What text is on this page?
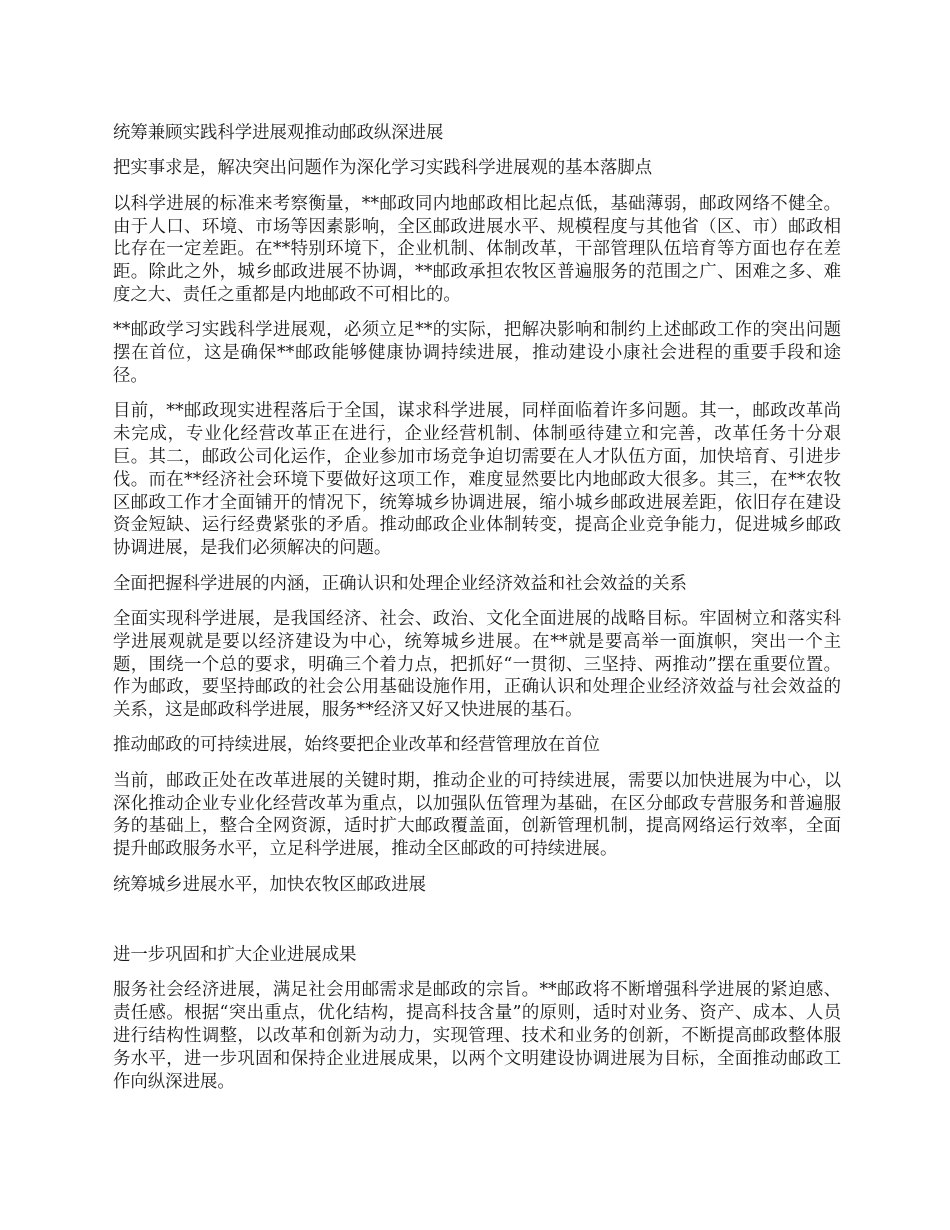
统筹兼顾实践科学进展观推动邮政纵深进展

把实事求是，解决突出问题作为深化学习实践科学进展观的基本落脚点

以科学进展的标准来考察衡量，**邮政同内地邮政相比起点低，基础薄弱，邮政网络不健全。由于人口、环境、市场等因素影响，全区邮政进展水平、规模程度与其他省（区、市）邮政相比存在一定差距。在**特别环境下，企业机制、体制改革，干部管理队伍培育等方面也存在差距。除此之外，城乡邮政进展不协调，**邮政承担农牧区普遍服务的范围之广、困难之多、难度之大、责任之重都是内地邮政不可相比的。

**邮政学习实践科学进展观，必须立足**的实际，把解决影响和制约上述邮政工作的突出问题摆在首位，这是确保**邮政能够健康协调持续进展，推动建设小康社会进程的重要手段和途径。

目前，**邮政现实进程落后于全国，谋求科学进展，同样面临着许多问题。其一，邮政改革尚未完成，专业化经营改革正在进行，企业经营机制、体制亟待建立和完善，改革任务十分艰巨。其二，邮政公司化运作，企业参加市场竞争迫切需要在人才队伍方面，加快培育、引进步伐。而在**经济社会环境下要做好这项工作，难度显然要比内地邮政大很多。其三，在**农牧区邮政工作才全面铺开的情况下，统筹城乡协调进展，缩小城乡邮政进展差距，依旧存在建设资金短缺、运行经费紧张的矛盾。推动邮政企业体制转变，提高企业竞争能力，促进城乡邮政协调进展，是我们必须解决的问题。

全面把握科学进展的内涵，正确认识和处理企业经济效益和社会效益的关系

全面实现科学进展，是我国经济、社会、政治、文化全面进展的战略目标。牢固树立和落实科学进展观就是要以经济建设为中心，统筹城乡进展。在**就是要高举一面旗帜，突出一个主题，围绕一个总的要求，明确三个着力点，把抓好“一贯彻、三坚持、两推动”摆在重要位置。作为邮政，要坚持邮政的社会公用基础设施作用，正确认识和处理企业经济效益与社会效益的关系，这是邮政科学进展，服务**经济又好又快进展的基石。

推动邮政的可持续进展，始终要把企业改革和经营管理放在首位

当前，邮政正处在改革进展的关键时期，推动企业的可持续进展，需要以加快进展为中心，以深化推动企业专业化经营改革为重点，以加强队伍管理为基础，在区分邮政专营服务和普遍服务的基础上，整合全网资源，适时扩大邮政覆盖面，创新管理机制，提高网络运行效率，全面提升邮政服务水平，立足科学进展，推动全区邮政的可持续进展。

统筹城乡进展水平，加快农牧区邮政进展

进一步巩固和扩大企业进展成果

服务社会经济进展，满足社会用邮需求是邮政的宗旨。**邮政将不断增强科学进展的紧迫感、责任感。根据“突出重点，优化结构，提高科技含量”的原则，适时对业务、资产、成本、人员进行结构性调整，以改革和创新为动力，实现管理、技术和业务的创新，不断提高邮政整体服务水平，进一步巩固和保持企业进展成果，以两个文明建设协调进展为目标，全面推动邮政工作向纵深进展。
